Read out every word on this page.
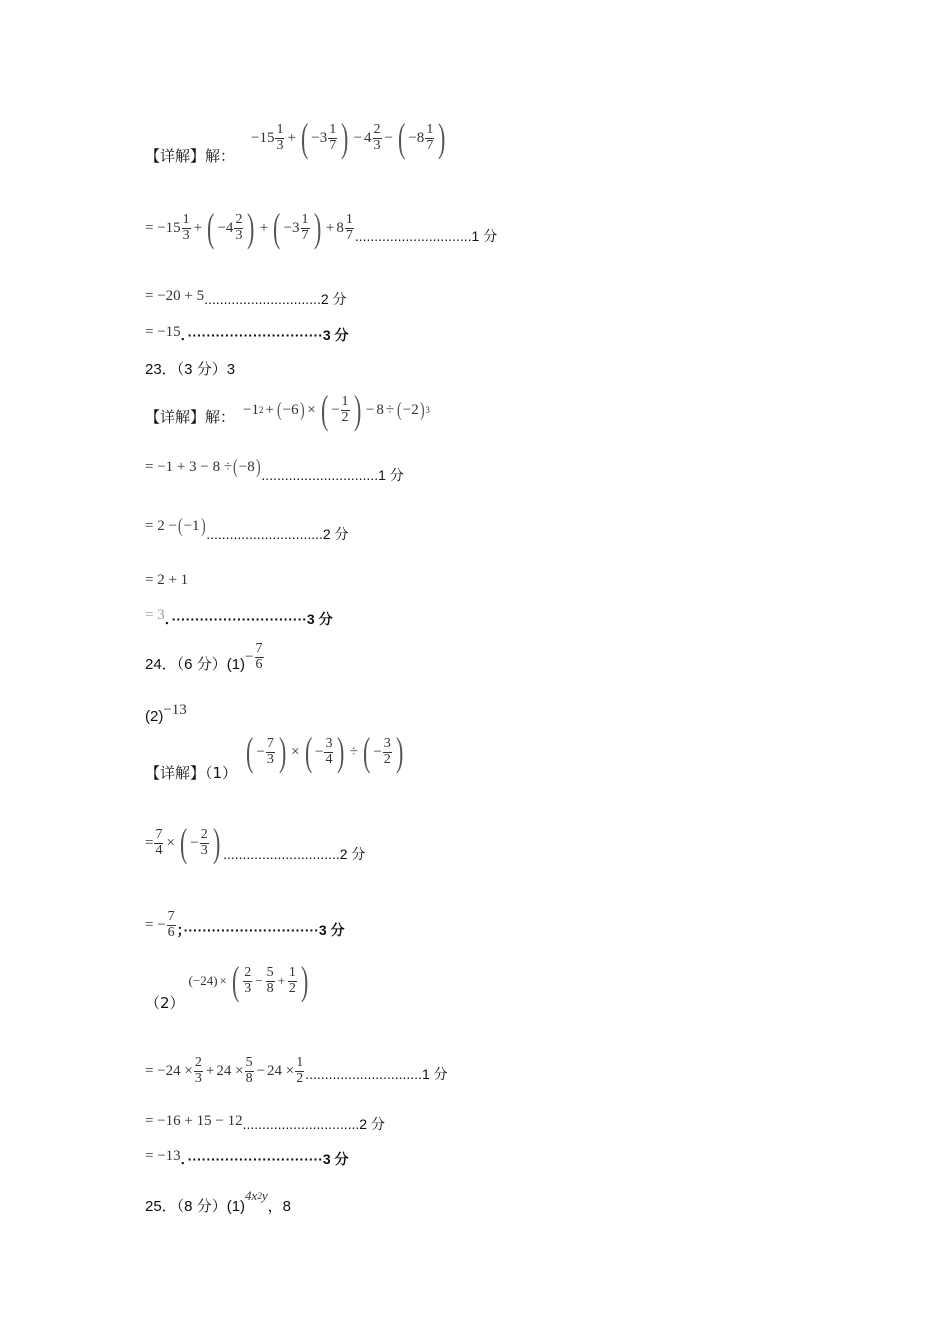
【详解】解：
$-15 \frac{1}{3}$ + ( $-3 \frac{1}{7}$ ) − $4 \frac{2}{3}$ − ( $-8 \frac{1}{7}$ )
= $-15 \frac{1}{3}$ + ( $-4 \frac{2}{3}$ ) + ( $-3 \frac{1}{7}$ ) + $8 \frac{1}{7} ..............................1$ 分
= −20 + 5 ..............................2 分
= −15 ．·····························3 分
23．（3 分）3
【详解】解： −1 2 + ( −6 ) × ( − $\frac{1}{2}$ ) − 8 ÷ ( −2 ) 3
= −1 + 3 − 8 ÷ ( −8 ) ..............................1 分
= 2 − ( −1 ) ..............................2 分
= 2 + 1
= 3 ．·····························3 分
24．（6 分）$(1) - \frac{7}{6}$
(2) −13
【详解】（1） ( − $\frac{7}{3}$ ) × ( − $\frac{3}{4}$ ) ÷ ( − $\frac{3}{2}$ )
= $\frac{7}{4}$ × ( − $\frac{2}{3}$ ) ..............................2 分
= − $\frac{7}{6}$ ；·····························3 分
（2）
(−24) × ( $\frac{2}{3} - \frac{5}{8} + \frac{1}{2}$ )
= $-24 \times \frac{2}{3} + 24 \times \frac{5}{8} - 24 \times \frac{1}{2} ..............................1$ 分
= −16 + 15 − 12 ..............................2 分
= −13 ．·····························3 分
25．（8 分）(1)
4x 2 y
，8
